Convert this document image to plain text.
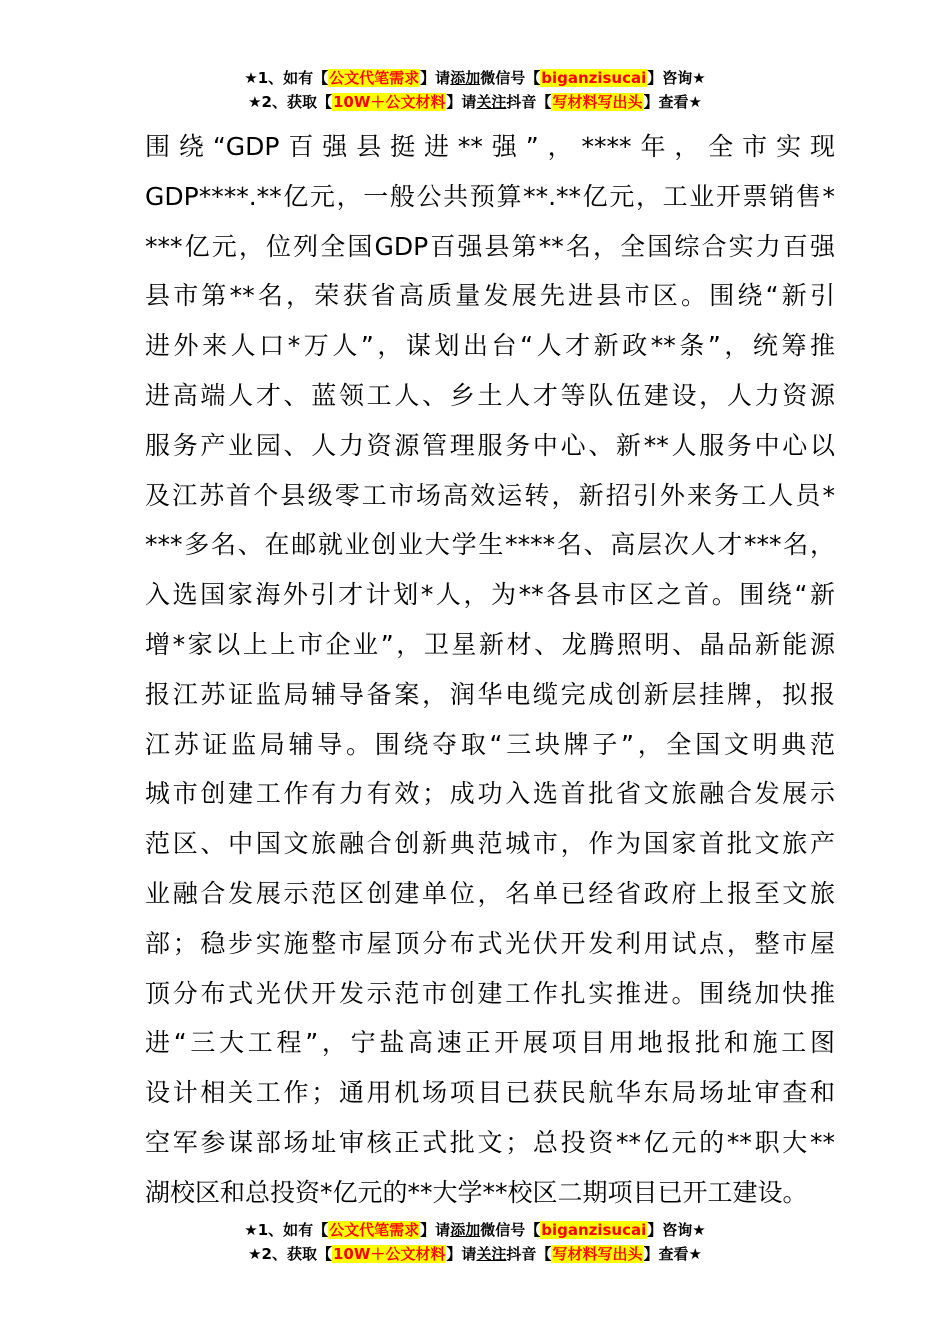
★1、如有【公文代笔需求】请添加微信号【biganzisucai】咨询★
★2、获取【10W＋公文材料】请关注抖音【写材料写出头】查看★
围绕“GDP百强县挺进**强”，****年，全市实现
GDP****.**亿元，一般公共预算**.**亿元，工业开票销售*
***亿元，位列全国GDP百强县第**名，全国综合实力百强
县市第**名，荣获省高质量发展先进县市区。围绕“新引
进外来人口*万人”，谋划出台“人才新政**条”，统筹推
进高端人才、蓝领工人、乡土人才等队伍建设，人力资源
服务产业园、人力资源管理服务中心、新**人服务中心以
及江苏首个县级零工市场高效运转，新招引外来务工人员*
***多名、在邮就业创业大学生****名、高层次人才***名，
入选国家海外引才计划*人，为**各县市区之首。围绕“新
增*家以上上市企业”，卫星新材、龙腾照明、晶品新能源
报江苏证监局辅导备案，润华电缆完成创新层挂牌，拟报
江苏证监局辅导。围绕夺取“三块牌子”，全国文明典范
城市创建工作有力有效；成功入选首批省文旅融合发展示
范区、中国文旅融合创新典范城市，作为国家首批文旅产
业融合发展示范区创建单位，名单已经省政府上报至文旅
部；稳步实施整市屋顶分布式光伏开发利用试点，整市屋
顶分布式光伏开发示范市创建工作扎实推进。围绕加快推
进“三大工程”，宁盐高速正开展项目用地报批和施工图
设计相关工作；通用机场项目已获民航华东局场址审查和
空军参谋部场址审核正式批文；总投资**亿元的**职大**
湖校区和总投资*亿元的**大学**校区二期项目已开工建设。
★1、如有【公文代笔需求】请添加微信号【biganzisucai】咨询★
★2、获取【10W＋公文材料】请关注抖音【写材料写出头】查看★
